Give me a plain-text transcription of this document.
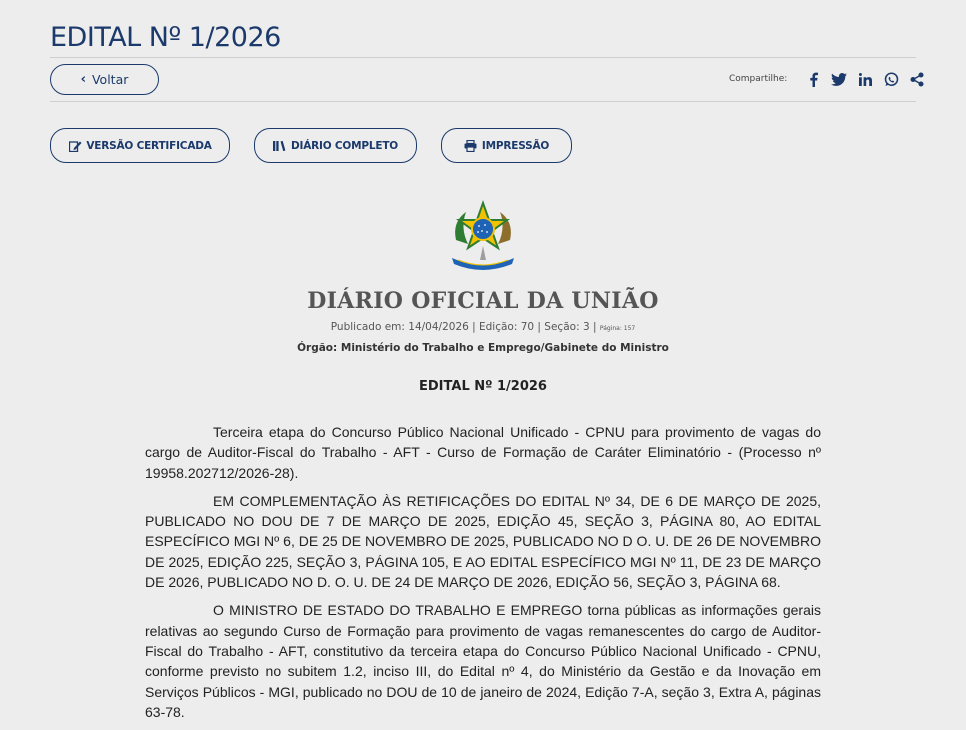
EDITAL Nº 1/2026
‹ Voltar	Compartilhe:
VERSÃO CERTIFICADA	DIÁRIO COMPLETO	IMPRESSÃO
DIÁRIO OFICIAL DA UNIÃO
Publicado em: 14/04/2026 | Edição: 70 | Seção: 3 | Página: 157
Órgão: Ministério do Trabalho e Emprego/Gabinete do Ministro
EDITAL Nº 1/2026

Terceira etapa do Concurso Público Nacional Unificado - CPNU para provimento de vagas do cargo de Auditor-Fiscal do Trabalho - AFT - Curso de Formação de Caráter Eliminatório - (Processo nº 19958.202712/2026-28).

EM COMPLEMENTAÇÃO ÀS RETIFICAÇÕES DO EDITAL Nº 34, DE 6 DE MARÇO DE 2025, PUBLICADO NO DOU DE 7 DE MARÇO DE 2025, EDIÇÃO 45, SEÇÃO 3, PÁGINA 80, AO EDITAL ESPECÍFICO MGI Nº 6, DE 25 DE NOVEMBRO DE 2025, PUBLICADO NO D O. U. DE 26 DE NOVEMBRO DE 2025, EDIÇÃO 225, SEÇÃO 3, PÁGINA 105, E AO EDITAL ESPECÍFICO MGI Nº 11, DE 23 DE MARÇO DE 2026, PUBLICADO NO D. O. U. DE 24 DE MARÇO DE 2026, EDIÇÃO 56, SEÇÃO 3, PÁGINA 68.

O MINISTRO DE ESTADO DO TRABALHO E EMPREGO torna públicas as informações gerais relativas ao segundo Curso de Formação para provimento de vagas remanescentes do cargo de Auditor-Fiscal do Trabalho - AFT, constitutivo da terceira etapa do Concurso Público Nacional Unificado - CPNU, conforme previsto no subitem 1.2, inciso III, do Edital nº 4, do Ministério da Gestão e da Inovação em Serviços Públicos - MGI, publicado no DOU de 10 de janeiro de 2024, Edição 7-A, seção 3, Extra A, páginas 63-78.
